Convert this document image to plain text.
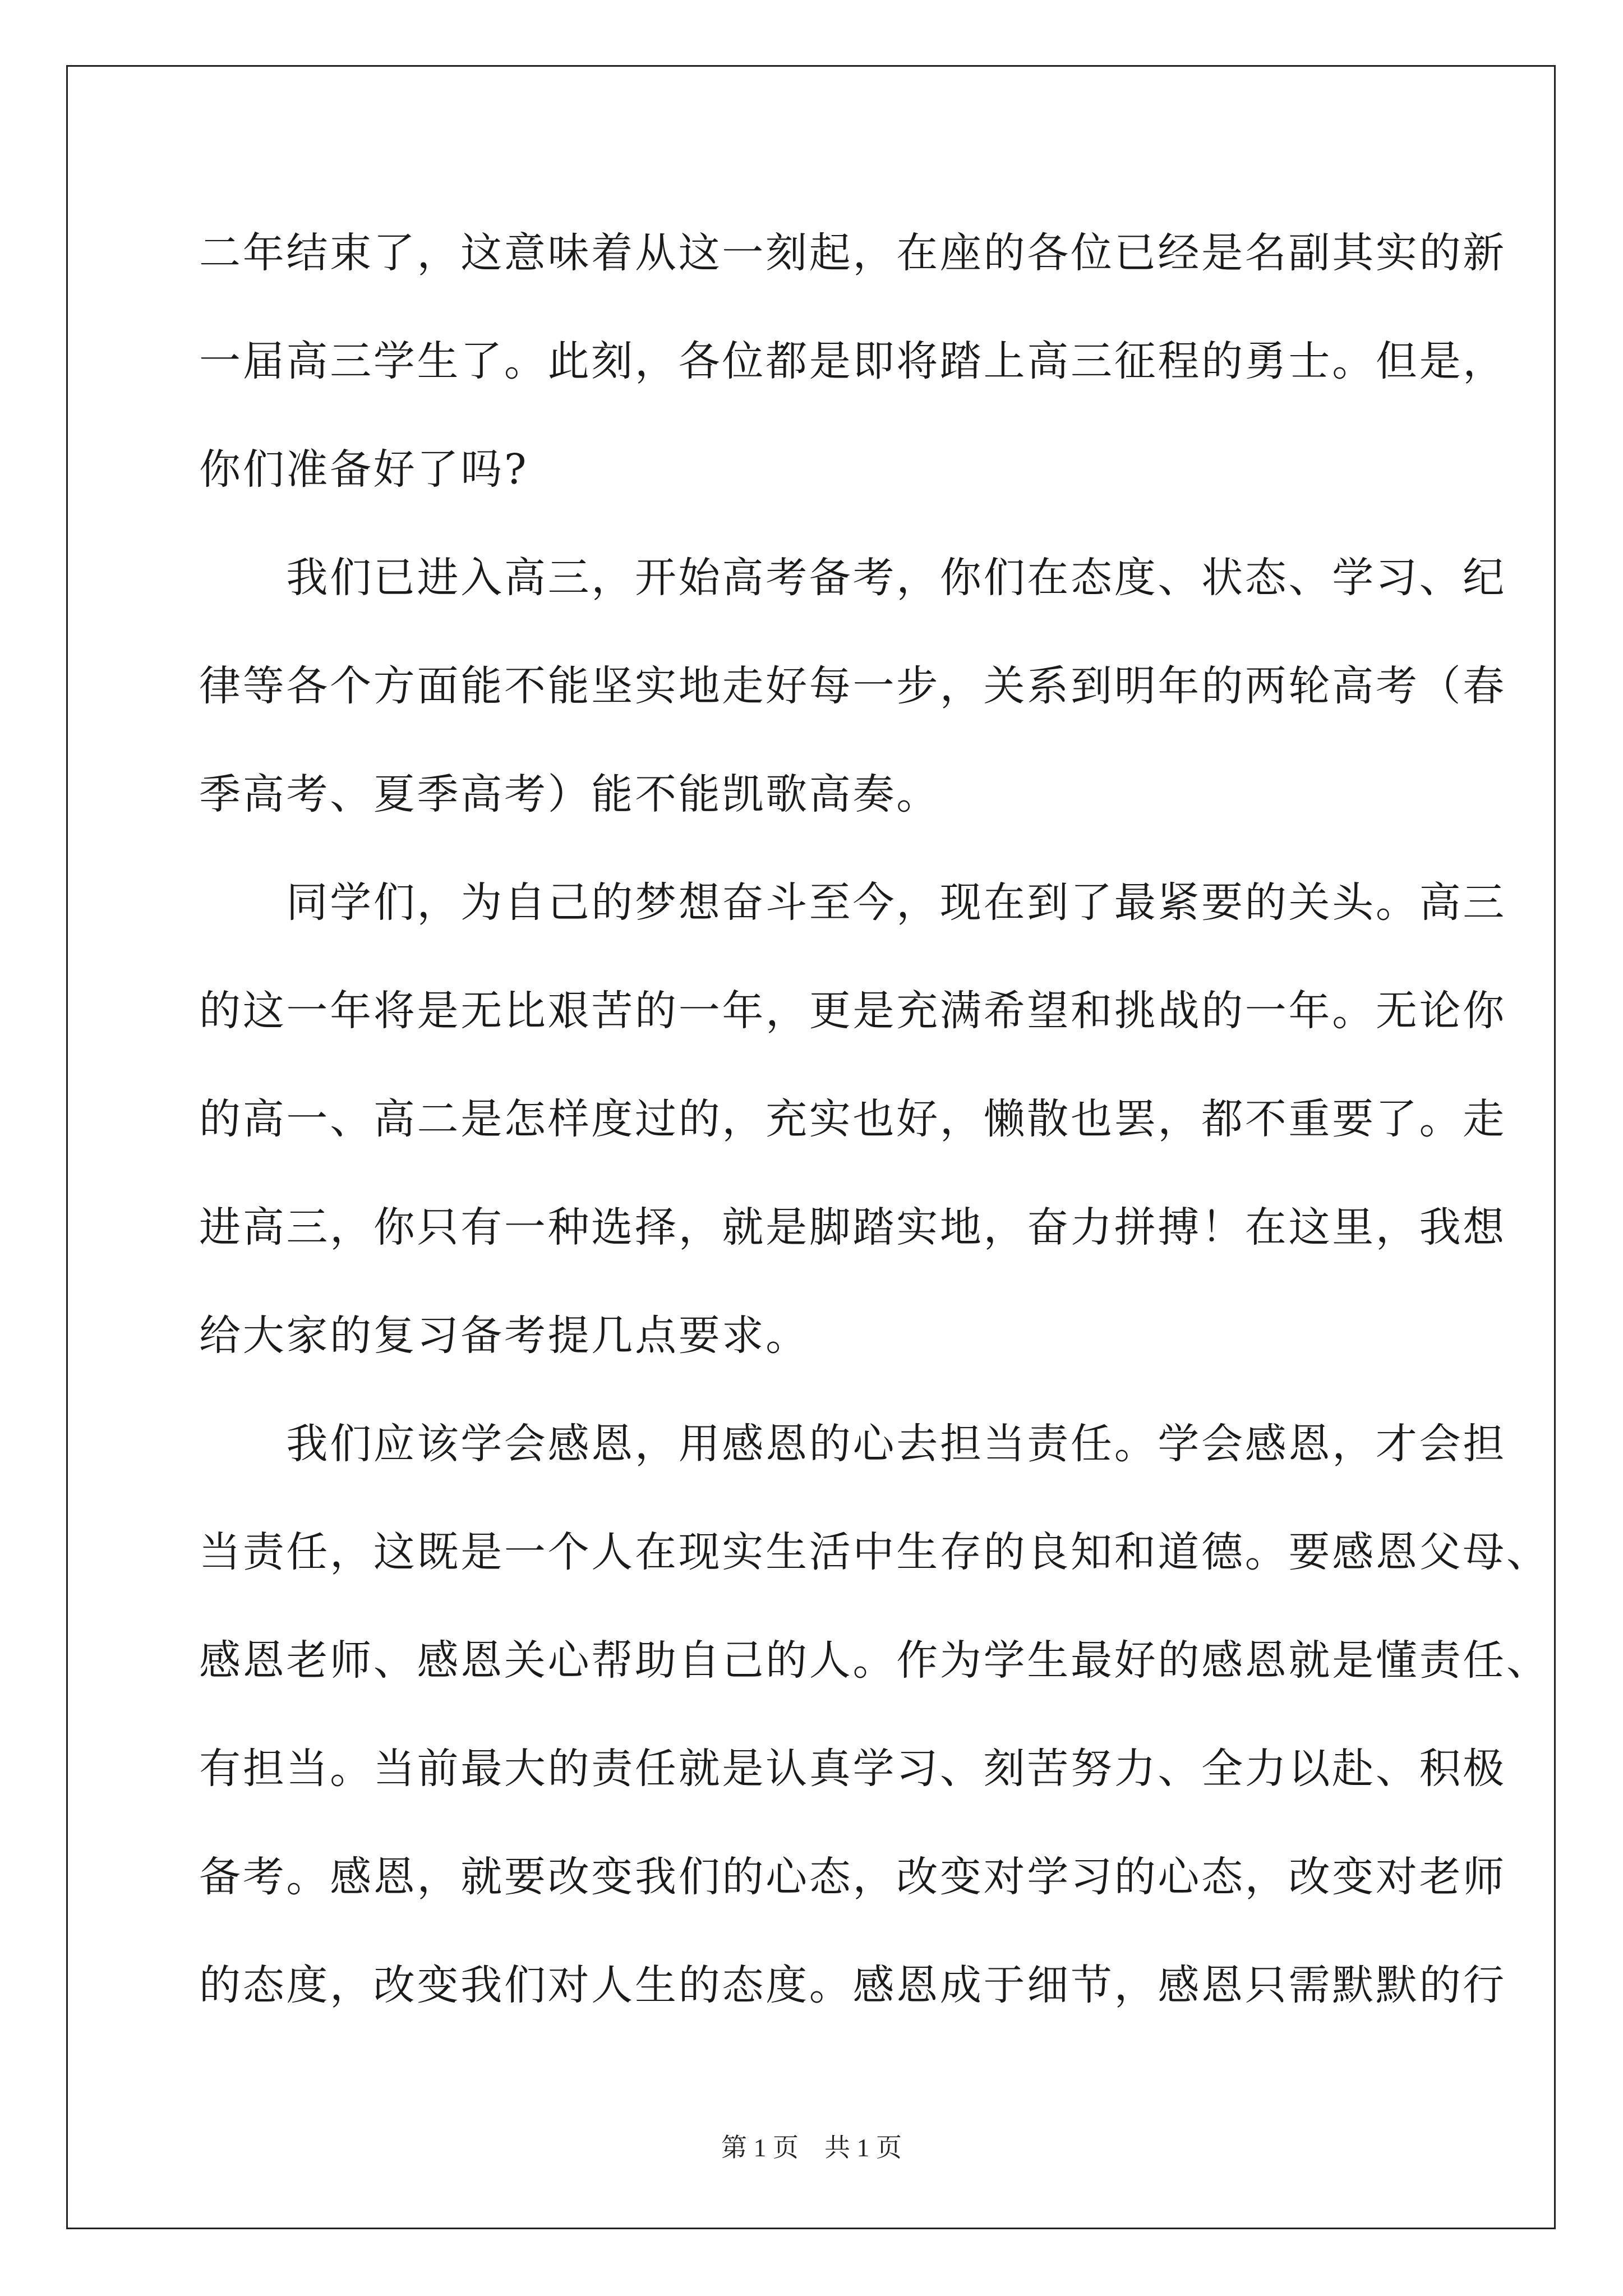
二年结束了，这意味着从这一刻起，在座的各位已经是名副其实的新
一届高三学生了。此刻，各位都是即将踏上高三征程的勇士。但是，
你们准备好了吗?
　　我们已进入高三，开始高考备考，你们在态度、状态、学习、纪
律等各个方面能不能坚实地走好每一步，关系到明年的两轮高考（春
季高考、夏季高考）能不能凯歌高奏。
　　同学们，为自己的梦想奋斗至今，现在到了最紧要的关头。高三
的这一年将是无比艰苦的一年，更是充满希望和挑战的一年。无论你
的高一、高二是怎样度过的，充实也好，懒散也罢，都不重要了。走
进高三，你只有一种选择，就是脚踏实地，奋力拼搏！在这里，我想
给大家的复习备考提几点要求。
　　我们应该学会感恩，用感恩的心去担当责任。学会感恩，才会担
当责任，这既是一个人在现实生活中生存的良知和道德。要感恩父母、
感恩老师、感恩关心帮助自己的人。作为学生最好的感恩就是懂责任、
有担当。当前最大的责任就是认真学习、刻苦努力、全力以赴、积极
备考。感恩，就要改变我们的心态，改变对学习的心态，改变对老师
的态度，改变我们对人生的态度。感恩成于细节，感恩只需默默的行
第 1 页　共 1 页
